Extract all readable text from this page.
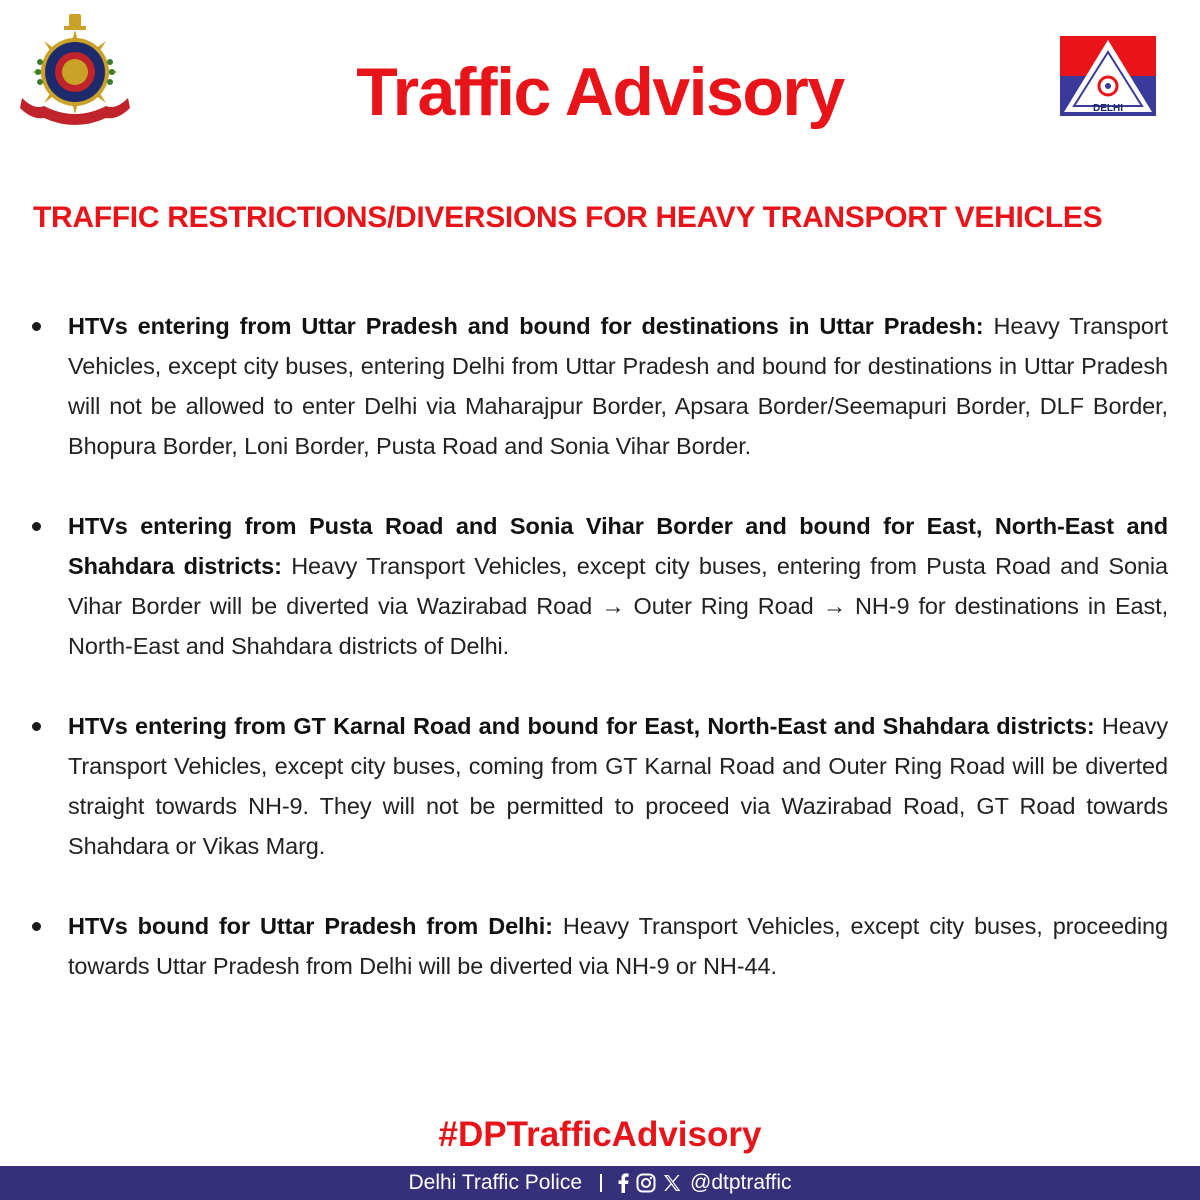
Traffic Advisory	DELHI
TRAFFIC RESTRICTIONS/DIVERSIONS FOR HEAVY TRANSPORT VEHICLES
HTVs entering from Uttar Pradesh and bound for destinations in Uttar Pradesh: Heavy Transport Vehicles, except city buses, entering Delhi from Uttar Pradesh and bound for destinations in Uttar Pradesh will not be allowed to enter Delhi via Maharajpur Border, Apsara Border/Seemapuri Border, DLF Border, Bhopura Border, Loni Border, Pusta Road and Sonia Vihar Border.
HTVs entering from Pusta Road and Sonia Vihar Border and bound for East, North-East and Shahdara districts: Heavy Transport Vehicles, except city buses, entering from Pusta Road and Sonia Vihar Border will be diverted via Wazirabad Road → Outer Ring Road → NH-9 for destinations in East, North-East and Shahdara districts of Delhi.
HTVs entering from GT Karnal Road and bound for East, North-East and Shahdara districts: Heavy Transport Vehicles, except city buses, coming from GT Karnal Road and Outer Ring Road will be diverted straight towards NH-9. They will not be permitted to proceed via Wazirabad Road, GT Road towards Shahdara or Vikas Marg.
HTVs bound for Uttar Pradesh from Delhi: Heavy Transport Vehicles, except city buses, proceeding towards Uttar Pradesh from Delhi will be diverted via NH-9 or NH-44.
#DPTrafficAdvisory
Delhi Traffic Police	@dtptraffic
